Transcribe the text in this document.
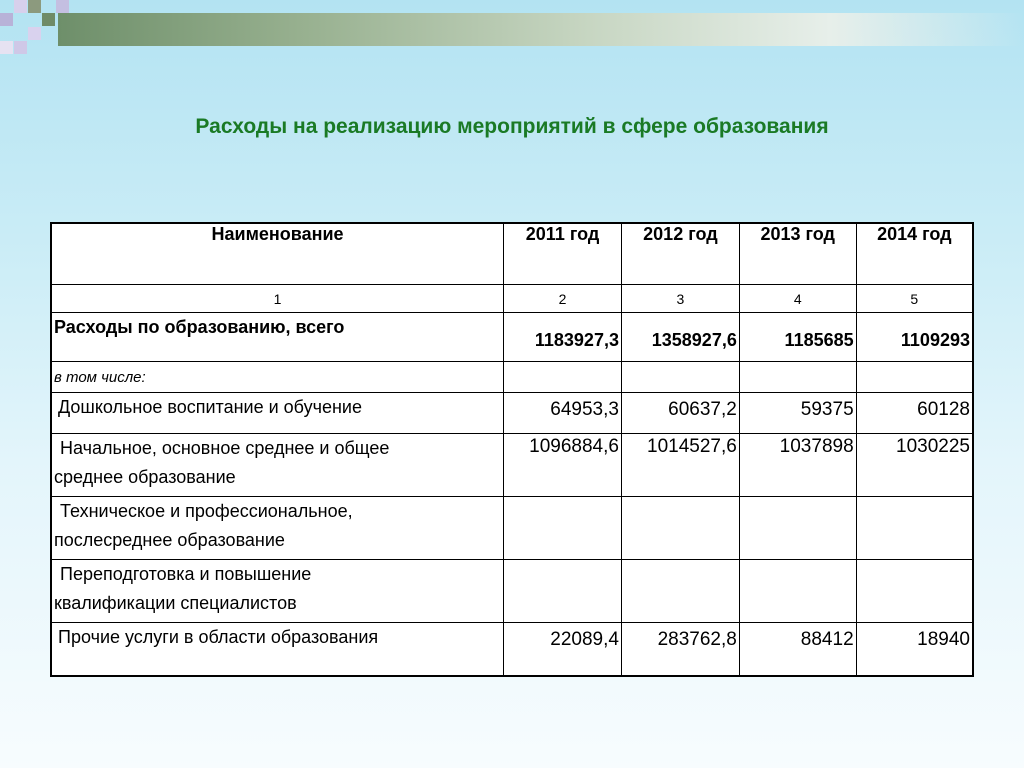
Расходы на реализацию мероприятий в сфере образования
Наименование	2011 год	2012 год	2013 год	2014 год
1	2	3	4	5
Расходы по образованию, всего	1183927,3	1358927,6	1185685	1109293
в том числе:				
Дошкольное воспитание и обучение	64953,3	60637,2	59375	60128
Начальное, основное среднее и общее
среднее образование	1096884,6	1014527,6	1037898	1030225
Техническое и профессиональное,
послесреднее образование				
Переподготовка и повышение
квалификации специалистов				
Прочие услуги в области образования	22089,4	283762,8	88412	18940
